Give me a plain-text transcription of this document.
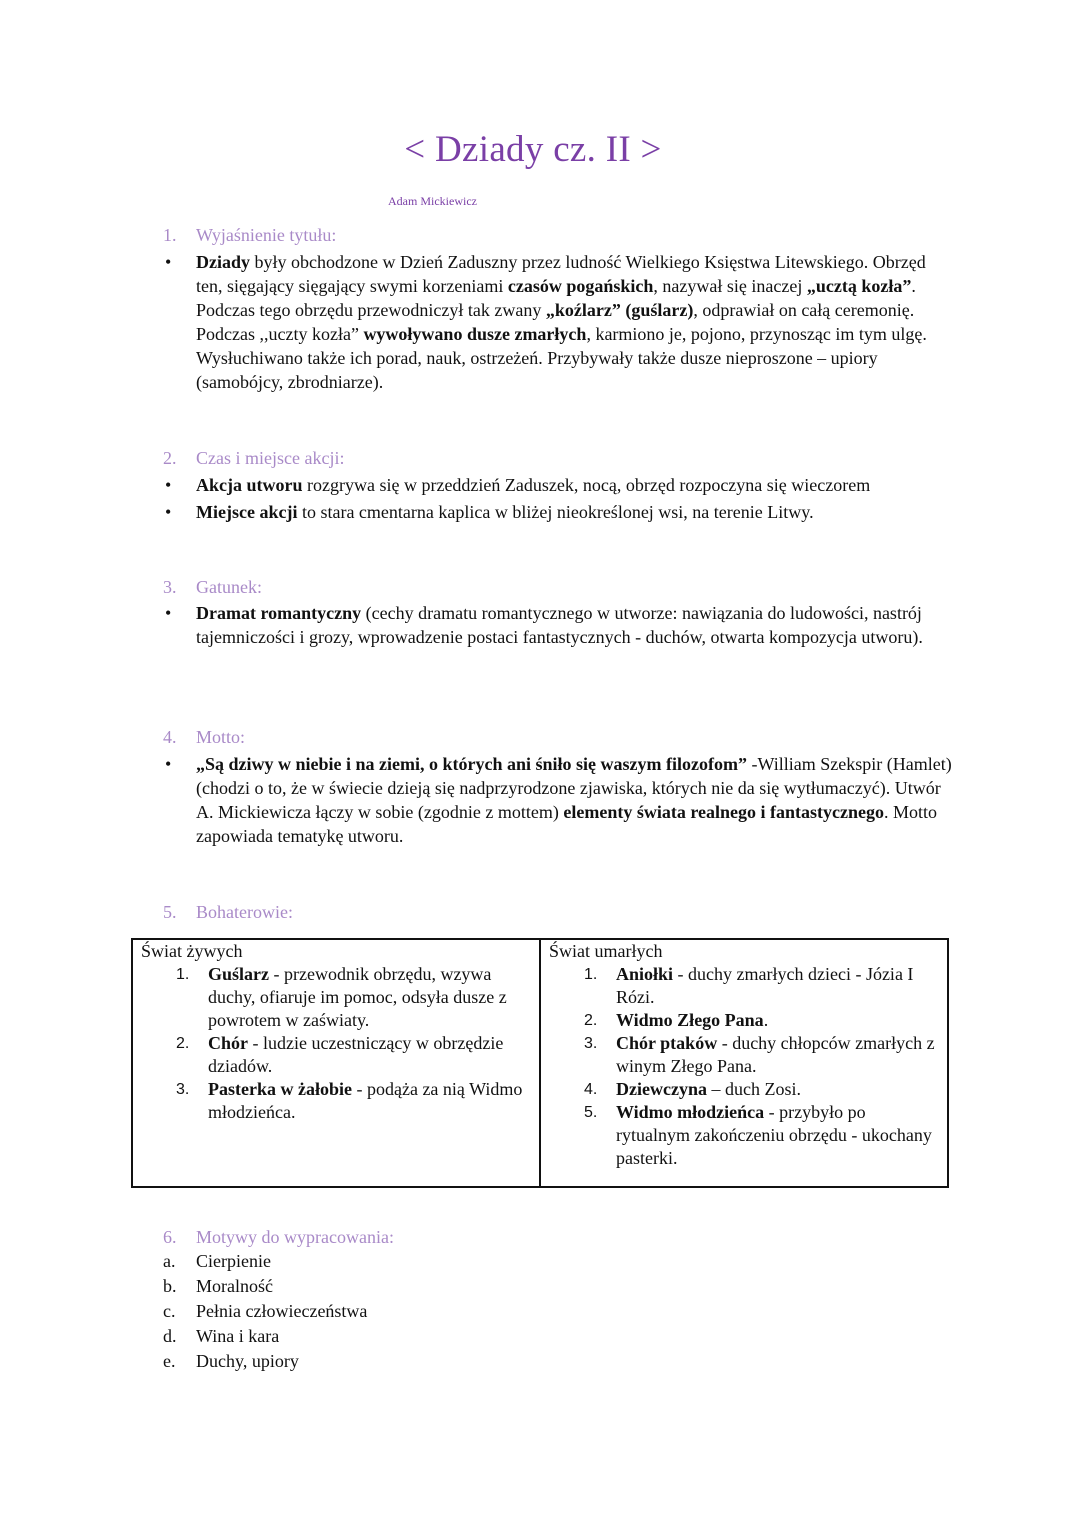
< Dziady cz. II >
Adam Mickiewicz
1. Wyjaśnienie tytułu:
• Dziady były obchodzone w Dzień Zaduszny przez ludność Wielkiego Księstwa Litewskiego. Obrzęd ten, sięgający sięgający swymi korzeniami czasów pogańskich, nazywał się inaczej „ucztą kozła”. Podczas tego obrzędu przewodniczył tak zwany „koźlarz” (guślarz), odprawiał on całą ceremonię. Podczas ,,uczty kozła” wywoływano dusze zmarłych, karmiono je, pojono, przynosząc im tym ulgę. Wysłuchiwano także ich porad, nauk, ostrzeżeń. Przybywały także dusze nieproszone – upiory (samobójcy, zbrodniarze).
2. Czas i miejsce akcji:
• Akcja utworu rozgrywa się w przeddzień Zaduszek, nocą, obrzęd rozpoczyna się wieczorem
• Miejsce akcji to stara cmentarna kaplica w bliżej nieokreślonej wsi, na terenie Litwy.
3. Gatunek:
• Dramat romantyczny (cechy dramatu romantycznego w utworze: nawiązania do ludowości, nastrój tajemniczości i grozy, wprowadzenie postaci fantastycznych - duchów, otwarta kompozycja utworu).
4. Motto:
• „Są dziwy w niebie i na ziemi, o których ani śniło się waszym filozofom” -William Szekspir (Hamlet) (chodzi o to, że w świecie dzieją się nadprzyrodzone zjawiska, których nie da się wytłumaczyć). Utwór A. Mickiewicza łączy w sobie (zgodnie z mottem) elementy świata realnego i fantastycznego. Motto zapowiada tematykę utworu.
5. Bohaterowie:
Świat żywych
1. Guślarz - przewodnik obrzędu, wzywa duchy, ofiaruje im pomoc, odsyła dusze z powrotem w zaświaty.
2. Chór - ludzie uczestniczący w obrzędzie dziadów.
3. Pasterka w żałobie - podąża za nią Widmo młodzieńca.

Świat umarłych
1. Aniołki - duchy zmarłych dzieci - Józia I Rózi.
2. Widmo Złego Pana.
3. Chór ptaków - duchy chłopców zmarłych z winym Złego Pana.
4. Dziewczyna – duch Zosi.
5. Widmo młodzieńca - przybyło po rytualnym zakończeniu obrzędu - ukochany pasterki.
6. Motywy do wypracowania:
a. Cierpienie
b. Moralność
c. Pełnia człowieczeństwa
d. Wina i kara
e. Duchy, upiory
